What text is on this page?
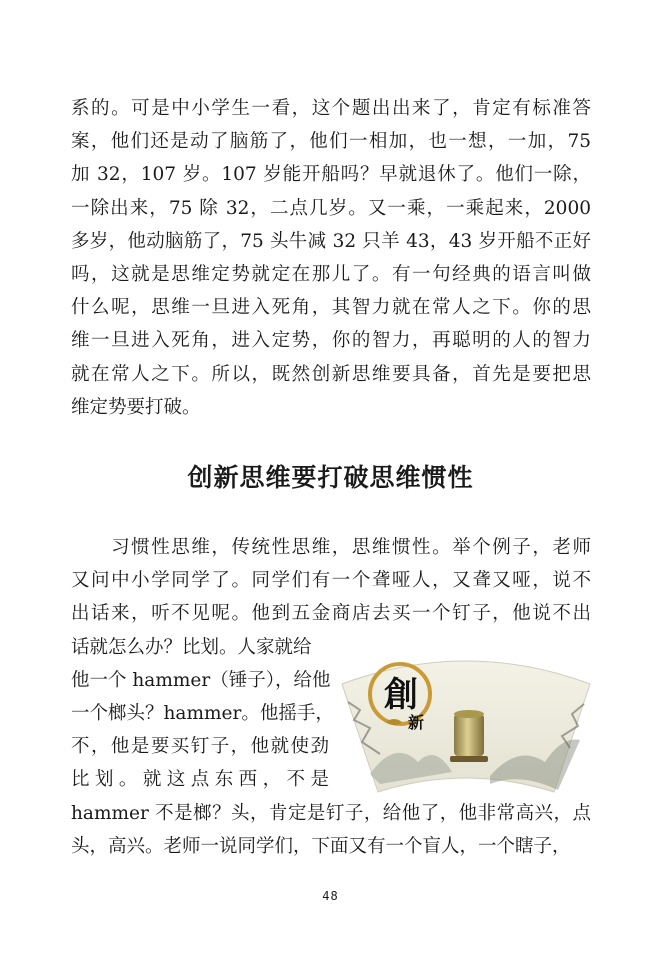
系的。可是中小学生一看，这个题出出来了，肯定有标准答
案，他们还是动了脑筋了，他们一相加，也一想，一加，75
加 32，107 岁。107 岁能开船吗？早就退休了。他们一除，
一除出来，75 除 32，二点几岁。又一乘，一乘起来，2000
多岁，他动脑筋了，75 头牛减 32 只羊 43，43 岁开船不正好
吗，这就是思维定势就定在那儿了。有一句经典的语言叫做
什么呢，思维一旦进入死角，其智力就在常人之下。你的思
维一旦进入死角，进入定势，你的智力，再聪明的人的智力
就在常人之下。所以，既然创新思维要具备，首先是要把思
维定势要打破。
创新思维要打破思维惯性
　　习惯性思维，传统性思维，思维惯性。举个例子，老师
又问中小学同学了。同学们有一个聋哑人，又聋又哑，说不
出话来，听不见呢。他到五金商店去买一个钉子，他说不出
话就怎么办？比划。人家就给
他一个 hammer（锤子），给他
一个榔头？hammer。他摇手，
不，他是要买钉子，他就使劲
比划。就这点东西，不是
hammer 不是榔？头，肯定是钉子，给他了，他非常高兴，点
头，高兴。老师一说同学们，下面又有一个盲人，一个瞎子，
創
新
48
